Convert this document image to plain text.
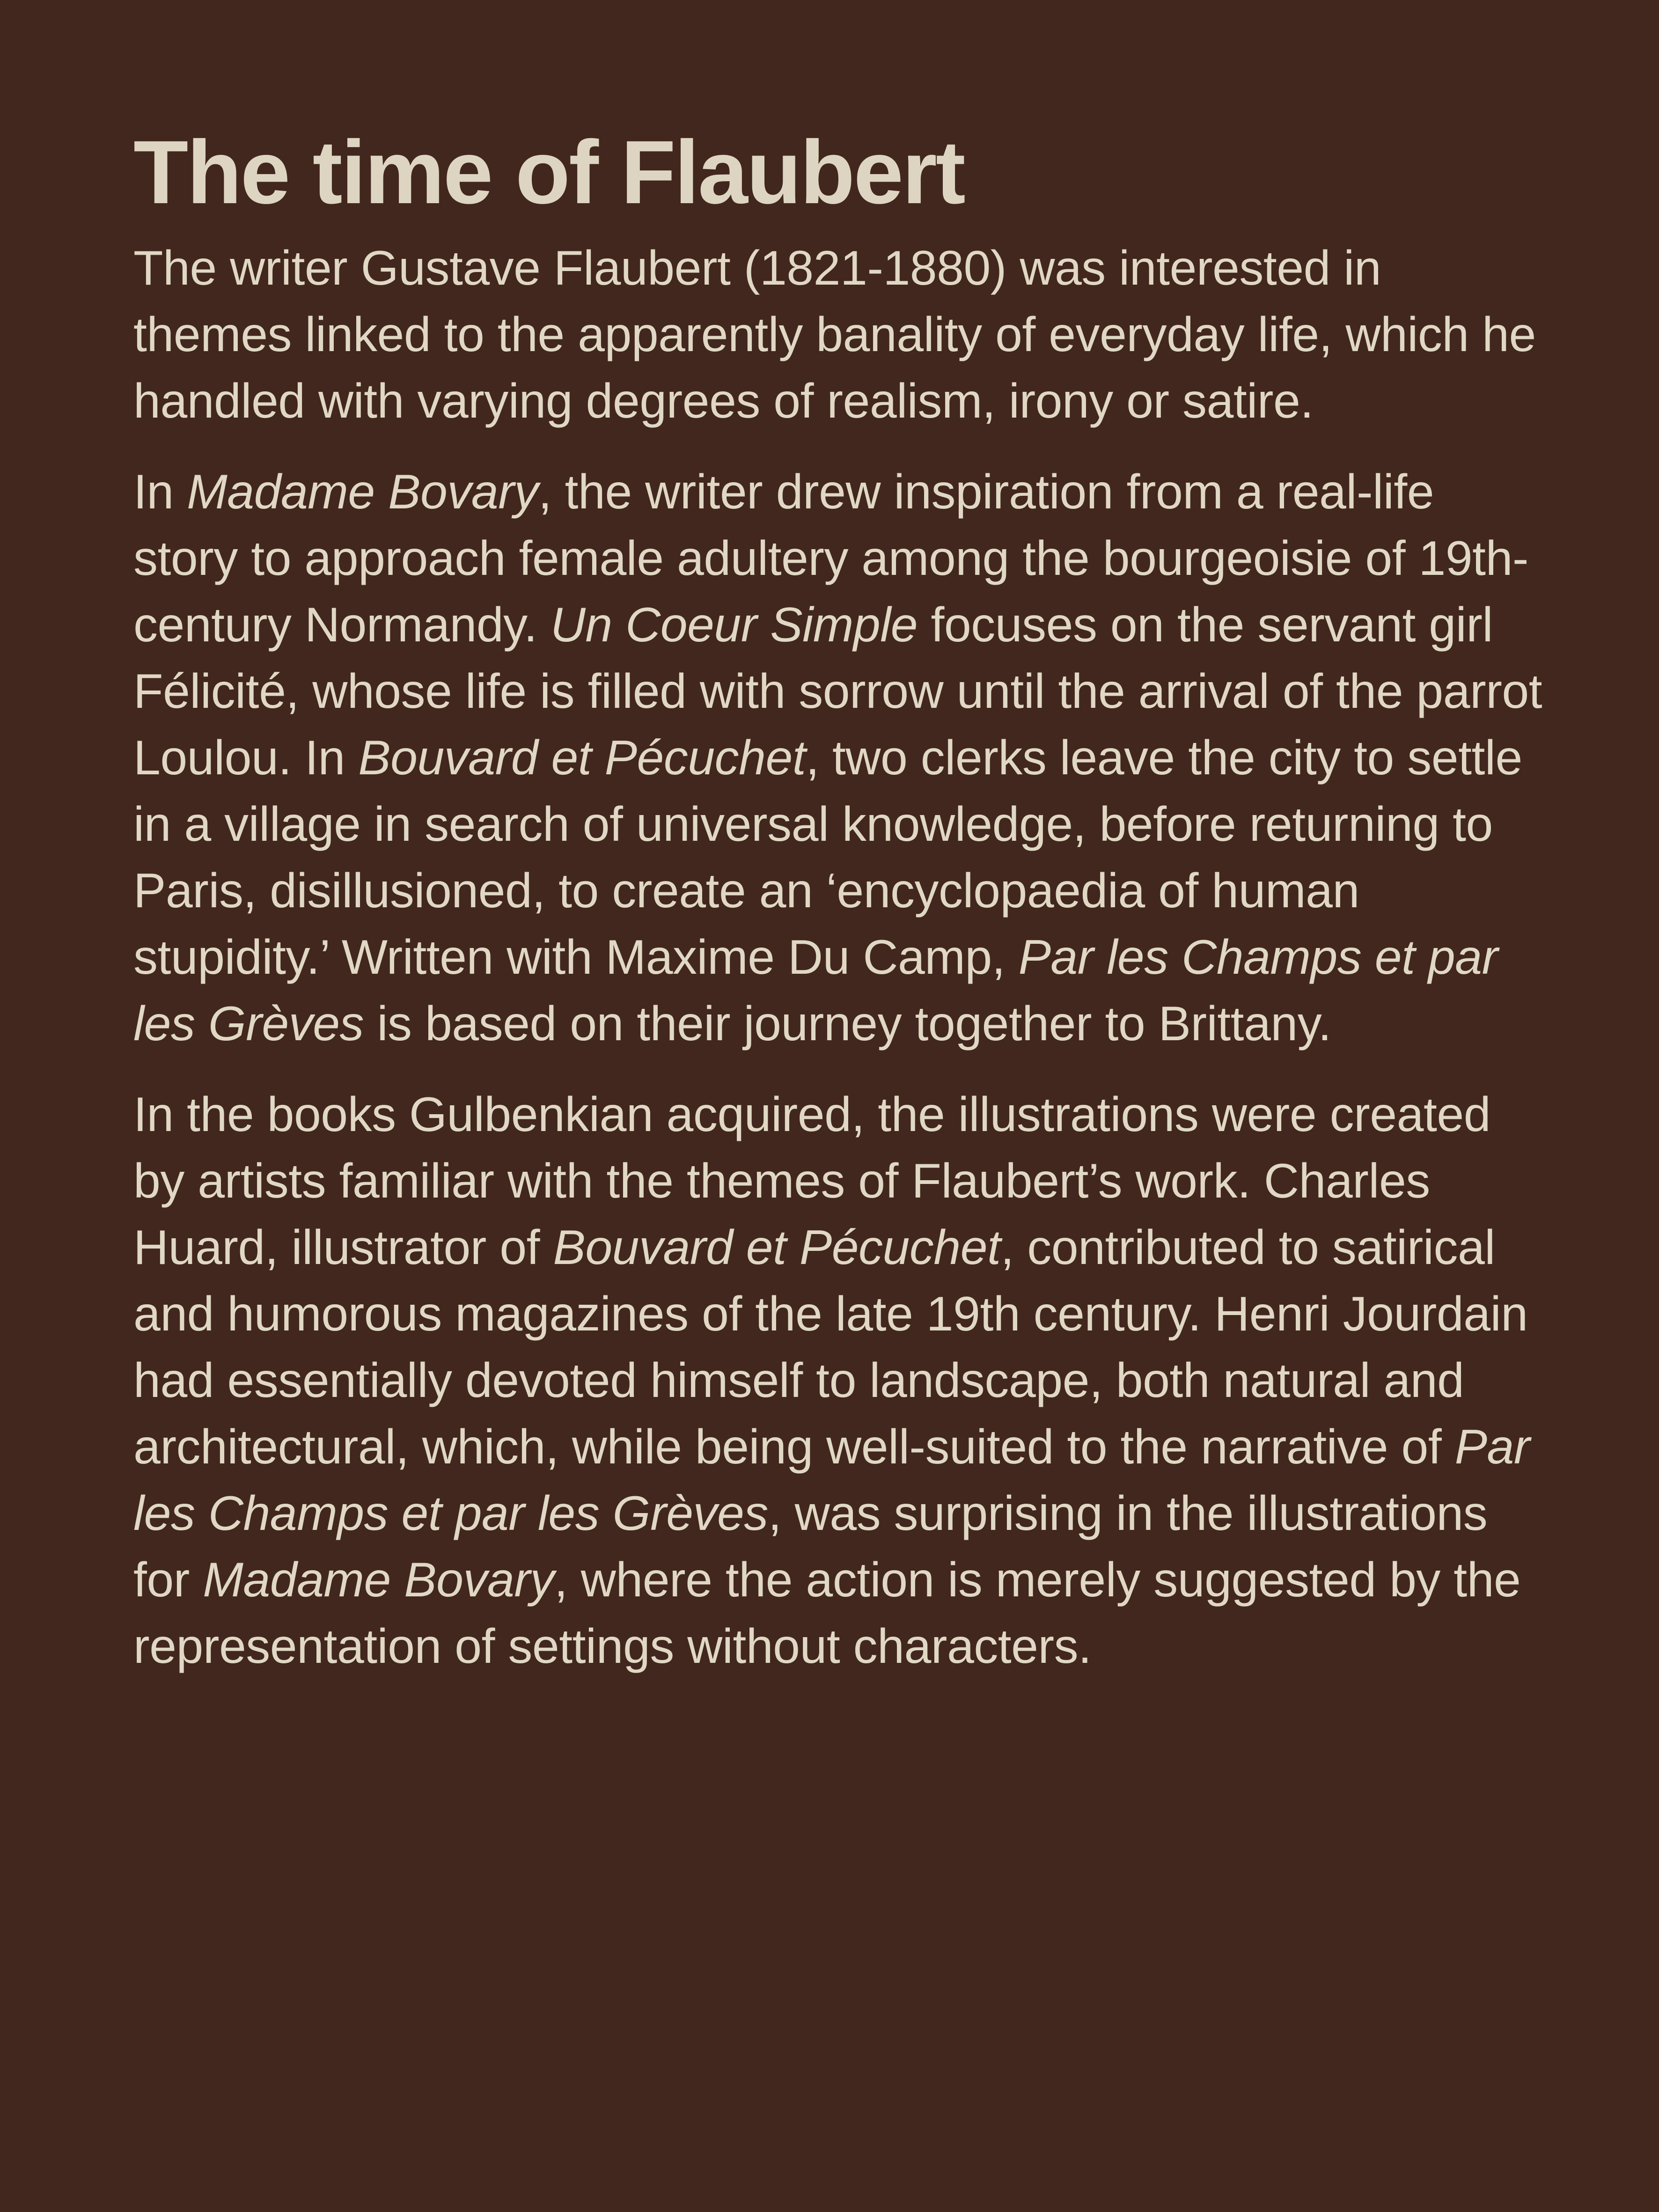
The time of Flaubert

The writer Gustave Flaubert (1821-1880) was interested in themes linked to the apparently banality of everyday life, which he handled with varying degrees of realism, irony or satire.

In Madame Bovary, the writer drew inspiration from a real-life story to approach female adultery among the bourgeoisie of 19th-century Normandy. Un Coeur Simple focuses on the servant girl Félicité, whose life is filled with sorrow until the arrival of the parrot Loulou. In Bouvard et Pécuchet, two clerks leave the city to settle in a village in search of universal knowledge, before returning to Paris, disillusioned, to create an ‘encyclopaedia of human stupidity.’ Written with Maxime Du Camp, Par les Champs et par les Grèves is based on their journey together to Brittany.

In the books Gulbenkian acquired, the illustrations were created by artists familiar with the themes of Flaubert’s work. Charles Huard, illustrator of Bouvard et Pécuchet, contributed to satirical and humorous magazines of the late 19th century. Henri Jourdain had essentially devoted himself to landscape, both natural and architectural, which, while being well-suited to the narrative of Par les Champs et par les Grèves, was surprising in the illustrations for Madame Bovary, where the action is merely suggested by the representation of settings without characters.
